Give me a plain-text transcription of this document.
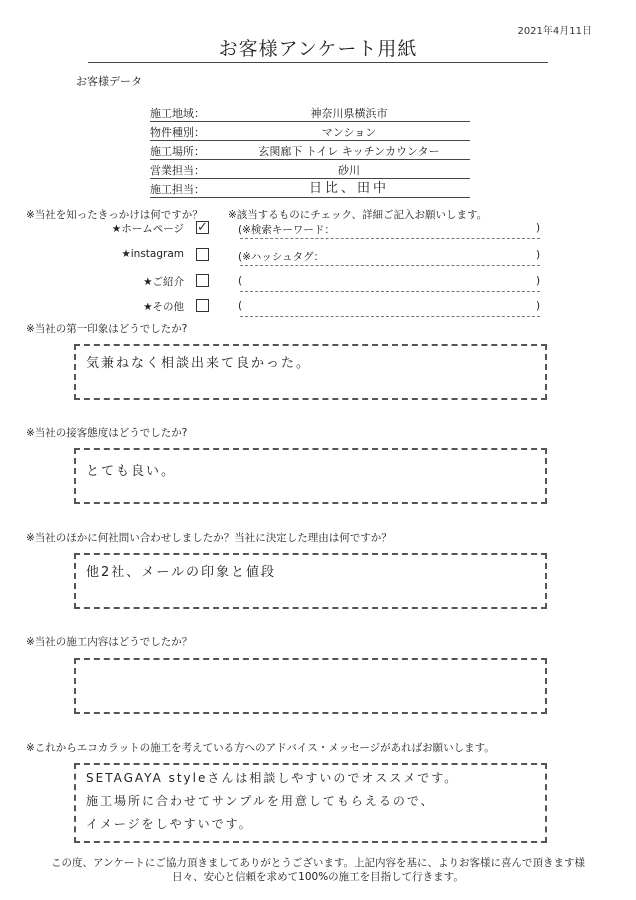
2021年4月11日
お客様アンケート用紙
お客様データ
施工地域：	神奈川県横浜市
物件種別：	マンション
施工場所：	玄関廊下 トイレ キッチンカウンター
営業担当：	砂川
施工担当：	日比、田中
※当社を知ったきっかけは何ですか？ ※該当するものにチェック、詳細ご記入お願いします。
★ホームページ ✓	(※検索キーワード：	)
★instagram	(※ハッシュタグ：	)
★ご紹介	(	)
★その他	(	)
※当社の第一印象はどうでしたか?
気兼ねなく相談出来て良かった。
※当社の接客態度はどうでしたか?
とても良い。
※当社のほかに何社問い合わせしましたか？当社に決定した理由は何ですか？
他2社、メールの印象と値段
※当社の施工内容はどうでしたか？
※これからエコカラットの施工を考えている方へのアドバイス・メッセージがあればお願いします。
SETAGAYA styleさんは相談しやすいのでオススメです。
施工場所に合わせてサンプルを用意してもらえるので、
イメージをしやすいです。
この度、アンケートにご協力頂きましてありがとうございます。上記内容を基に、よりお客様に喜んで頂きます様
日々、安心と信頼を求めて100%の施工を目指して行きます。
